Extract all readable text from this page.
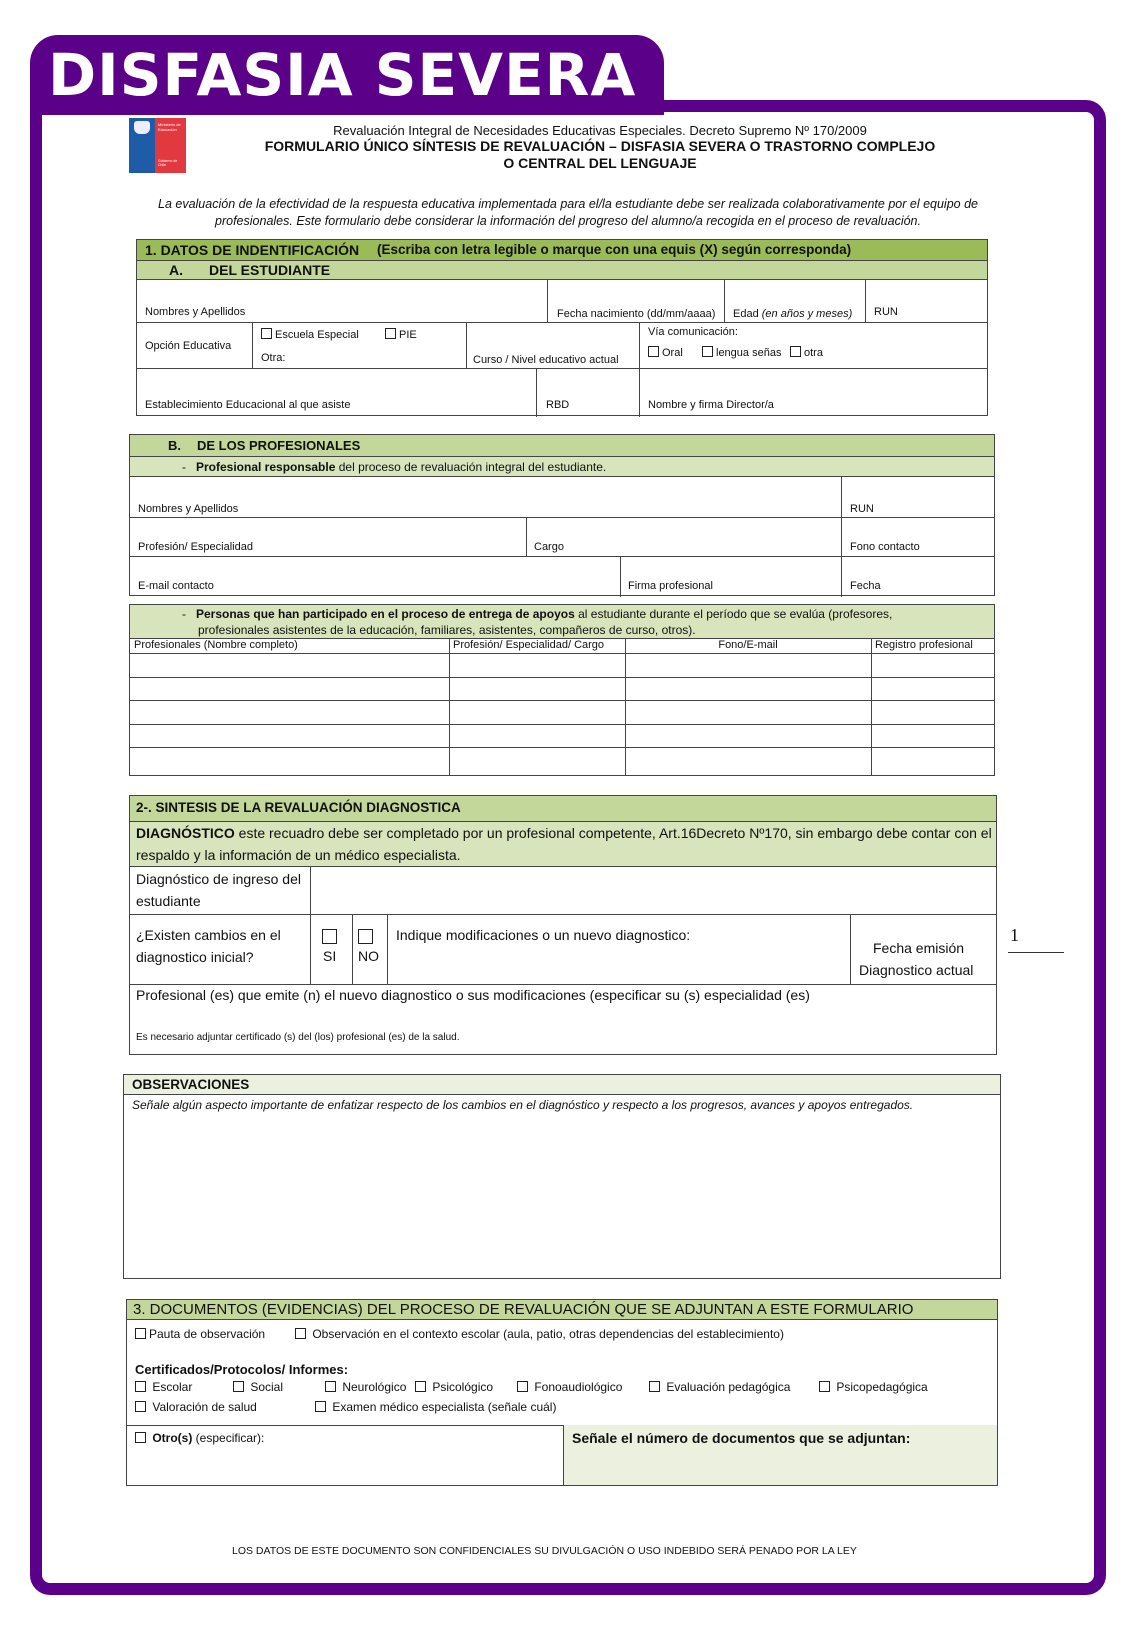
DISFASIA SEVERA
Ministerio de Educación
Gobierno de Chile
Revaluación Integral de Necesidades Educativas Especiales. Decreto Supremo Nº 170/2009
FORMULARIO ÚNICO SÍNTESIS DE REVALUACIÓN – DISFASIA SEVERA O TRASTORNO COMPLEJO
O CENTRAL DEL LENGUAJE
La evaluación de la efectividad de la respuesta educativa implementada para el/la estudiante debe ser realizada colaborativamente por el equipo de profesionales. Este formulario debe considerar la información del progreso del alumno/a recogida en el proceso de revaluación.
1. DATOS DE INDENTIFICACIÓN (Escriba con letra legible o marque con una equis (X) según corresponda)
A. DEL ESTUDIANTE
Nombres y Apellidos	Fecha nacimiento (dd/mm/aaaa) Edad (en años y meses) RUN
Opción Educativa
Escuela Especial	PIE
Otra:	Curso / Nivel educativo actual
Vía comunicación:
Oral	lengua señas	otra
Establecimiento Educacional al que asiste	RBD	Nombre y firma Director/a
B. DE LOS PROFESIONALES
-   Profesional responsable del proceso de revaluación integral del estudiante.
Nombres y Apellidos	RUN
Profesión/ Especialidad	Cargo	Fono contacto
E-mail contacto	Firma profesional	Fecha
-   Personas que han participado en el proceso de entrega de apoyos al estudiante durante el período que se evalúa (profesores,
profesionales asistentes de la educación, familiares, asistentes, compañeros de curso, otros).
Profesionales (Nombre completo)	Profesión/ Especialidad/ Cargo	Fono/E-mail	Registro profesional
2-. SINTESIS DE LA REVALUACIÓN DIAGNOSTICA
DIAGNÓSTICO este recuadro debe ser completado por un profesional competente, Art.16Decreto Nº170, sin embargo debe contar con el
respaldo y la información de un médico especialista.
Diagnóstico de ingreso del
estudiante
¿Existen cambios en el
diagnostico inicial?	SI NO
Indique modificaciones o un nuevo diagnostico:
Fecha emisión
Diagnostico actual
Profesional (es) que emite (n) el nuevo diagnostico o sus modificaciones (especificar su (s) especialidad (es)
Es necesario adjuntar certificado (s) del (los) profesional (es) de la salud.
OBSERVACIONES
Señale algún aspecto importante de enfatizar respecto de los cambios en el diagnóstico y respecto a los progresos, avances y apoyos entregados.
3. DOCUMENTOS (EVIDENCIAS) DEL PROCESO DE REVALUACIÓN QUE SE ADJUNTAN A ESTE FORMULARIO
Pauta de observación	Observación en el contexto escolar (aula, patio, otras dependencias del establecimiento)
Certificados/Protocolos/ Informes:
Escolar	Social	Neurológico	Psicológico	Fonoaudiológico	Evaluación pedagógica	Psicopedagógica
Valoración de salud	Examen médico especialista (señale cuál)
Otro(s) (especificar):	Señale el número de documentos que se adjuntan:
LOS DATOS DE ESTE DOCUMENTO SON CONFIDENCIALES SU DIVULGACIÓN O USO INDEBIDO SERÁ PENADO POR LA LEY
1
